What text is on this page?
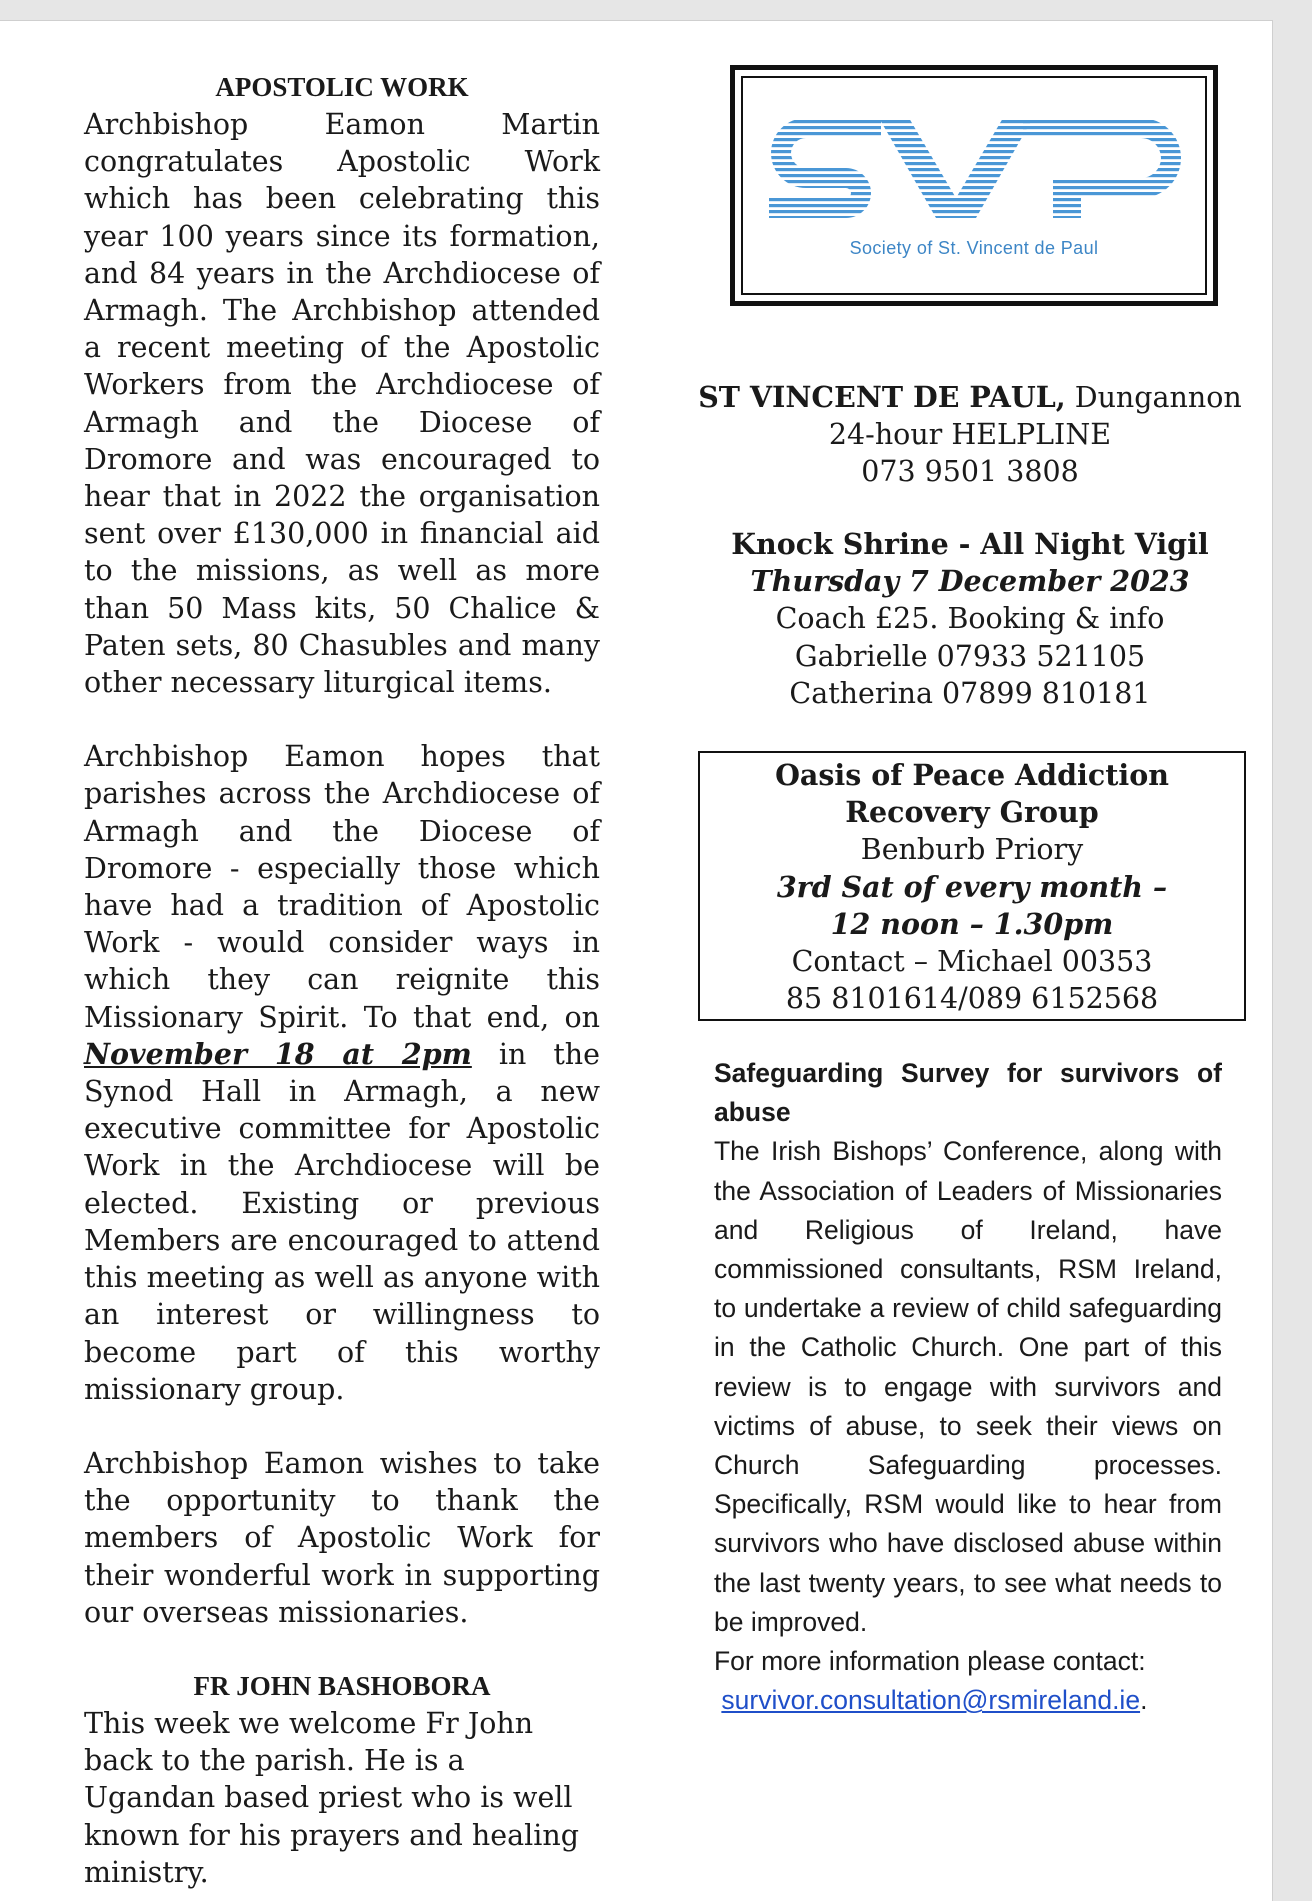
APOSTOLIC WORK

Archbishop Eamon Martin congratulates Apostolic Work which has been celebrating this year 100 years since its formation, and 84 years in the Archdiocese of Armagh. The Archbishop attended a recent meeting of the Apostolic Workers from the Archdiocese of Armagh and the Diocese of Dromore and was encouraged to hear that in 2022 the organisation sent over £130,000 in financial aid to the missions, as well as more than 50 Mass kits, 50 Chalice & Paten sets, 80 Chasubles and many other necessary liturgical items.

Archbishop Eamon hopes that parishes across the Archdiocese of Armagh and the Diocese of Dromore - especially those which have had a tradition of Apostolic Work - would consider ways in which they can reignite this Missionary Spirit. To that end, on November 18 at 2pm in the Synod Hall in Armagh, a new executive committee for Apostolic Work in the Archdiocese will be elected. Existing or previous Members are encouraged to attend this meeting as well as anyone with an interest or willingness to become part of this worthy missionary group.

Archbishop Eamon wishes to take the opportunity to thank the members of Apostolic Work for their wonderful work in supporting our overseas missionaries.

FR JOHN BASHOBORA

This week we welcome Fr John back to the parish. He is a Ugandan based priest who is well known for his prayers and healing ministry.

Society of St. Vincent de Paul

ST VINCENT DE PAUL, Dungannon

24-hour HELPLINE

073 9501 3808

Knock Shrine - All Night Vigil

Thursday 7 December 2023

Coach £25. Booking & info

Gabrielle 07933 521105

Catherina 07899 810181

Oasis of Peace Addiction Recovery Group

Benburb Priory

3rd Sat of every month –

12 noon – 1.30pm

Contact – Michael 00353

85 8101614/089 6152568

Safeguarding Survey for survivors of abuse

The Irish Bishops’ Conference, along with the Association of Leaders of Missionaries and Religious of Ireland, have commissioned consultants, RSM Ireland, to undertake a review of child safeguarding in the Catholic Church. One part of this review is to engage with survivors and victims of abuse, to seek their views on Church Safeguarding processes. Specifically, RSM would like to hear from survivors who have disclosed abuse within the last twenty years, to see what needs to be improved.

For more information please contact:

survivor.consultation@rsmireland.ie.
